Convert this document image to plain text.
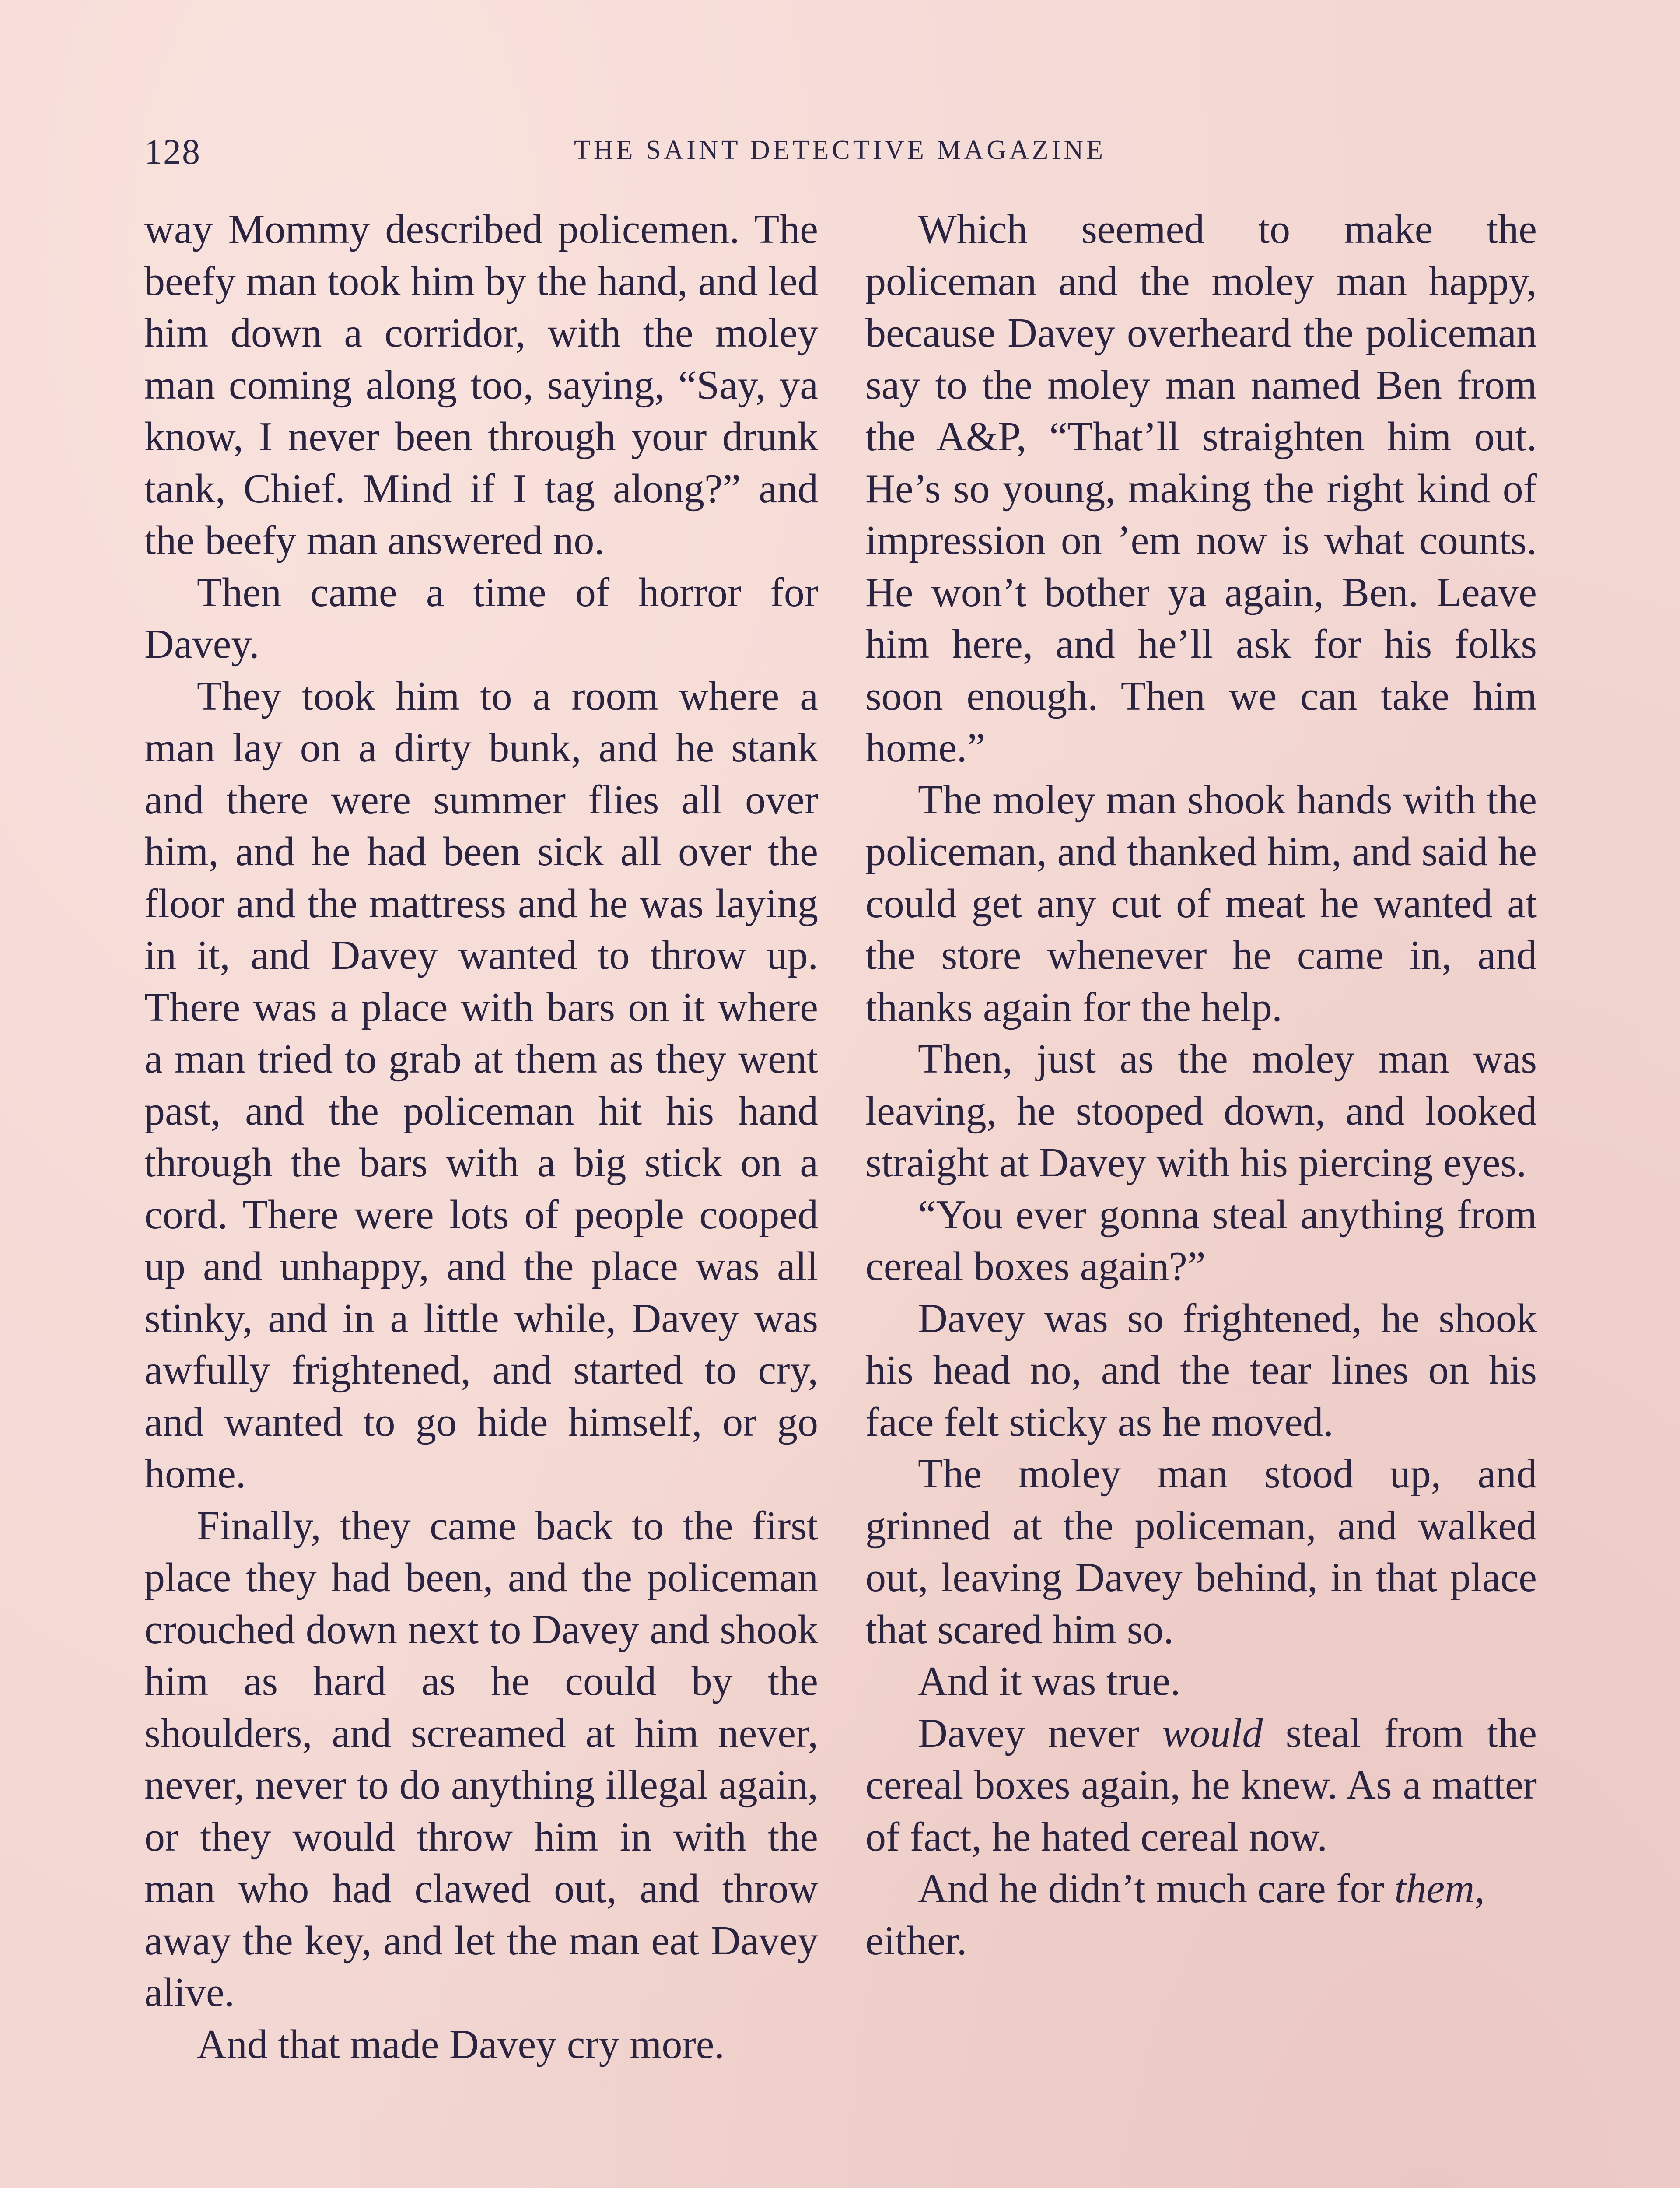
128	THE SAINT DETECTIVE MAGAZINE

way Mommy described policemen. The beefy man took him by the hand, and led him down a corridor, with the moley man coming along too, saying, “Say, ya know, I never been through your drunk tank, Chief. Mind if I tag along?” and the beefy man answered no.

Then came a time of horror for Davey.

They took him to a room where a man lay on a dirty bunk, and he stank and there were summer flies all over him, and he had been sick all over the floor and the mattress and he was laying in it, and Davey wanted to throw up. There was a place with bars on it where a man tried to grab at them as they went past, and the policeman hit his hand through the bars with a big stick on a cord. There were lots of people cooped up and unhappy, and the place was all stinky, and in a little while, Davey was awfully frightened, and started to cry, and wanted to go hide himself, or go home.

Finally, they came back to the first place they had been, and the policeman crouched down next to Davey and shook him as hard as he could by the shoulders, and screamed at him never, never, never to do anything illegal again, or they would throw him in with the man who had clawed out, and throw away the key, and let the man eat Davey alive.

And that made Davey cry more.

Which seemed to make the policeman and the moley man happy, because Davey overheard the policeman say to the moley man named Ben from the A&P, “That’ll straighten him out. He’s so young, making the right kind of impression on ’em now is what counts. He won’t bother ya again, Ben. Leave him here, and he’ll ask for his folks soon enough. Then we can take him home.”

The moley man shook hands with the policeman, and thanked him, and said he could get any cut of meat he wanted at the store whenever he came in, and thanks again for the help.

Then, just as the moley man was leaving, he stooped down, and looked straight at Davey with his piercing eyes.

“You ever gonna steal anything from cereal boxes again?”

Davey was so frightened, he shook his head no, and the tear lines on his face felt sticky as he moved.

The moley man stood up, and grinned at the policeman, and walked out, leaving Davey behind, in that place that scared him so.

And it was true.

Davey never would steal from the cereal boxes again, he knew. As a matter of fact, he hated cereal now.

And he didn’t much care for them, either.
